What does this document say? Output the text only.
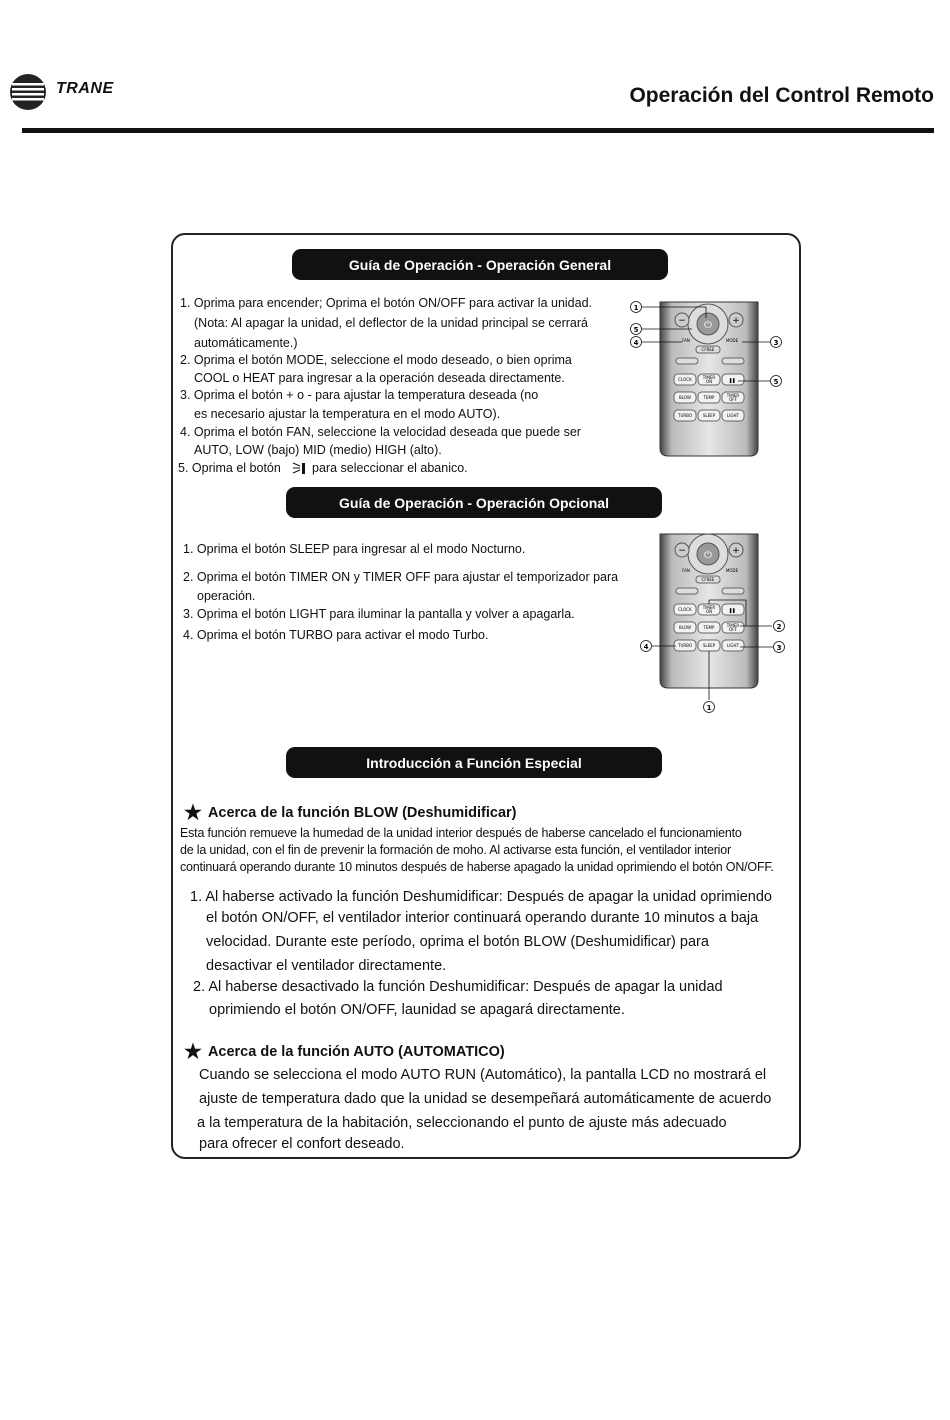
TRANE	Operación del Control Remoto
Guía de Operación - Operación General
1. Oprima para encender; Oprima el botón ON/OFF para activar la unidad.
(Nota: Al apagar la unidad, el deflector de la unidad principal se cerrará
automáticamente.)
2. Oprima el botón MODE, seleccione el modo deseado, o bien oprima
COOL o HEAT para ingresar a la operación deseada directamente.
3. Oprima el botón + o - para ajustar la temperatura deseada (no
es necesario ajustar la temperatura en el modo AUTO).
4. Oprima el botón FAN, seleccione la velocidad deseada que puede ser
AUTO, LOW (bajo) MID (medio) HIGH (alto).
5. Oprima el botón para seleccionar el abanico.
⏻
−	+
FAN	MODE
CFREE
CLOCK	TIMER
ON	▌▌
BLOW	TEMP	TIMER
OFF
TURBO	SLEEP	LIGHT
1
5
4	3
5
Guía de Operación - Operación Opcional
1. Oprima el botón SLEEP para ingresar al el modo Nocturno.
2. Oprima el botón TIMER ON y TIMER OFF para ajustar el temporizador para
operación.
3. Oprima el botón LIGHT para iluminar la pantalla y volver a apagarla.
4. Oprima el botón TURBO para activar el modo Turbo.
⏻
−	+
FAN	MODE
CFREE
CLOCK	TIMER
ON	▌▌
BLOW	TEMP	TIMER
OFF
TURBO	SLEEP	LIGHT
2
3
4
1
Introducción a Función Especial
★ Acerca de la función BLOW (Deshumidificar)
Esta función remueve la humedad de la unidad interior después de haberse cancelado el funcionamiento
de la unidad, con el fin de prevenir la formación de moho. Al activarse esta función, el ventilador interior
continuará operando durante 10 minutos después de haberse apagado la unidad oprimiendo el botón ON/OFF.
1. Al haberse activado la función Deshumidificar: Después de apagar la unidad oprimiendo
el botón ON/OFF, el ventilador interior continuará operando durante 10 minutos a baja
velocidad. Durante este período, oprima el botón BLOW (Deshumidificar) para
desactivar el ventilador directamente.
2. Al haberse desactivado la función Deshumidificar: Después de apagar la unidad
oprimiendo el botón ON/OFF, launidad se apagará directamente.
★ Acerca de la función AUTO (AUTOMATICO)
Cuando se selecciona el modo AUTO RUN (Automático), la pantalla LCD no mostrará el
ajuste de temperatura dado que la unidad se desempeñará automáticamente de acuerdo
a la temperatura de la habitación, seleccionando el punto de ajuste más adecuado
para ofrecer el confort deseado.
